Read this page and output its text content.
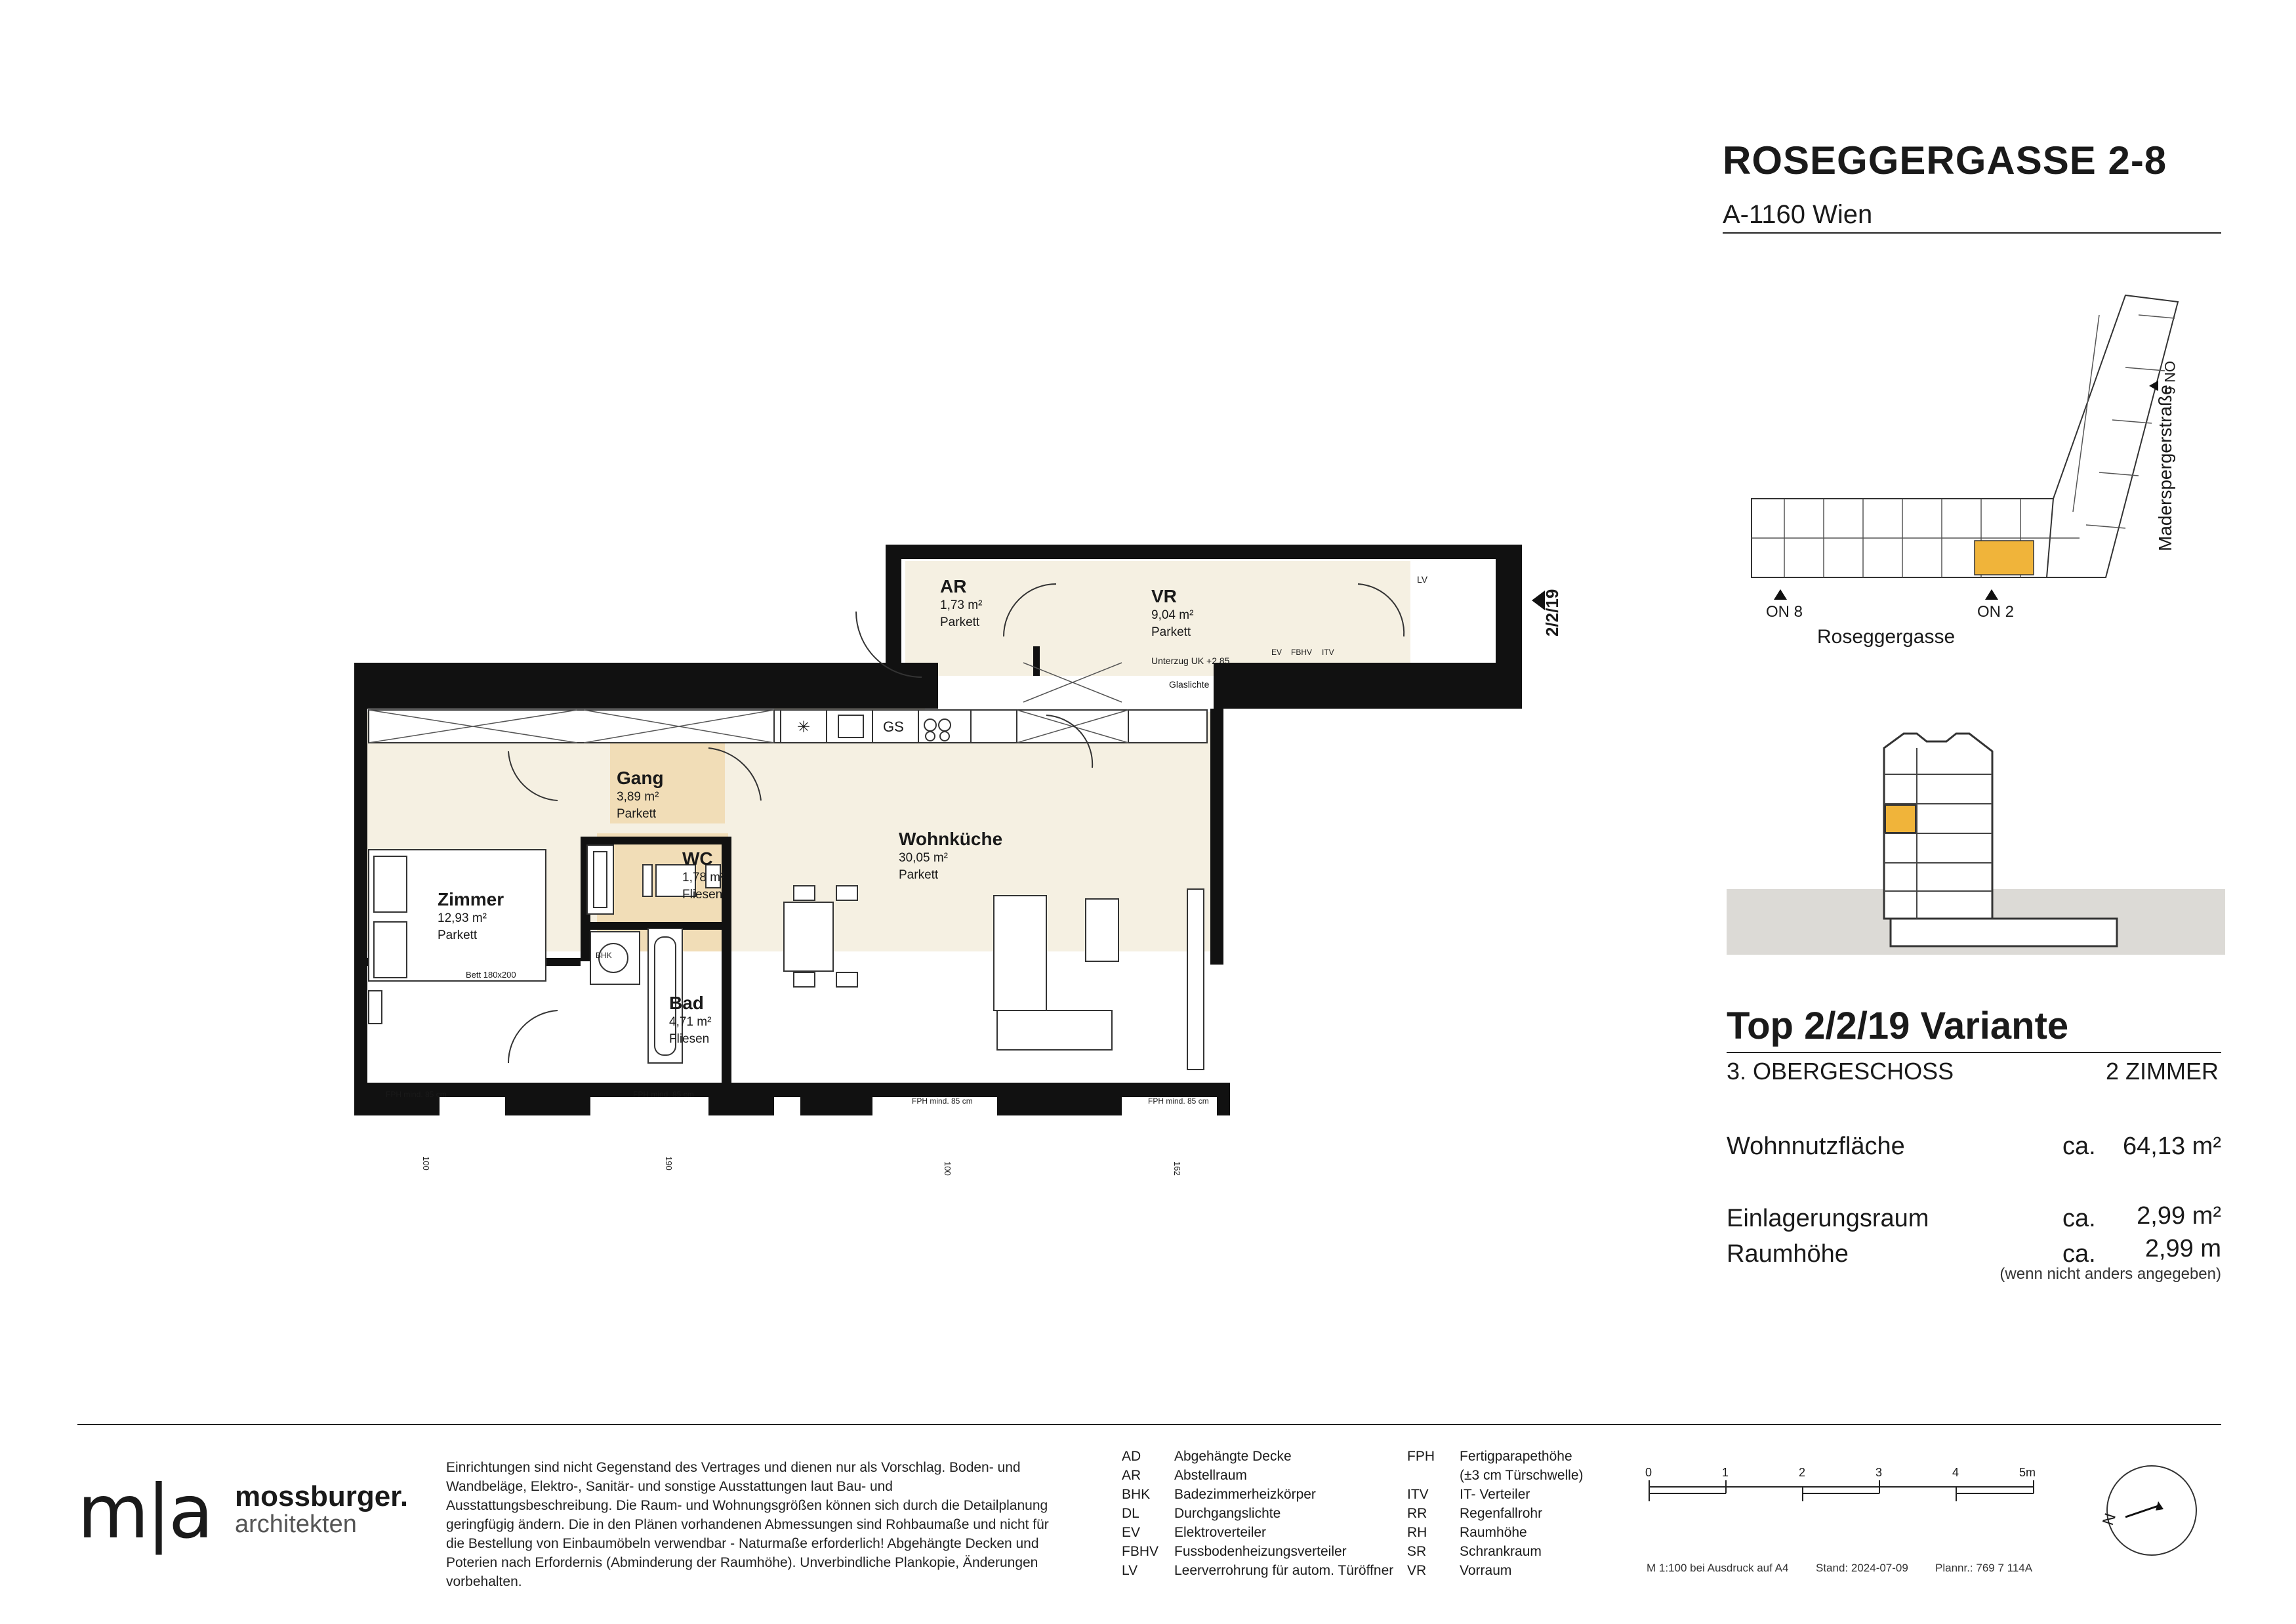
ROSEGGERGASSE 2-8
A-1160 Wien
ON 8	ON 2
ON 6
Roseggergasse
Maderspergerstraße
Top 2/2/19 Variante
3. OBERGESCHOSS	2 ZIMMER
Wohnnutzfläche	ca.	64,13 m²
Einlagerungsraum	ca.	2,99 m²
Raumhöhe	ca.	2,99 m
(wenn nicht anders angegeben)
GS
✳
Bett 180x200
AR
1,73 m²
Parkett
VR
9,04 m²
Parkett
Gang
3,89 m²
Parkett
WC
1,78 m²
Fliesen
Wohnküche
30,05 m²
Parkett
Zimmer
12,93 m²
Parkett
Bad
4,71 m²
Fliesen
LV
EV FBHV ITV
Unterzug UK +2,85
Glaslichte
BHK
FPH mind. 85 cm	FPH mind. 85 cm
FPH mind. 85 cm	FPH mind. 85 cm
100	190	100	162
2/2/19
m|a mossburger.
architekten
Einrichtungen sind nicht Gegenstand des Vertrages und dienen nur als Vorschlag. Boden- und Wandbeläge, Elektro-, Sanitär- und sonstige Ausstattungen laut Bau- und Ausstattungsbeschreibung. Die Raum- und Wohnungsgrößen können sich durch die Detailplanung geringfügig ändern. Die in den Plänen vorhandenen Abmessungen sind Rohbaumaße und nicht für die Bestellung von Einbaumöbeln verwendbar - Naturmaße erforderlich! Abgehängte Decken und Poterien nach Erfordernis (Abminderung der Raumhöhe). Unverbindliche Plankopie, Änderungen vorbehalten.
AD	Abgehängte Decke
AR	Abstellraum
BHK	Badezimmerheizkörper
DL	Durchgangslichte
EV	Elektroverteiler
FBHV	Fussbodenheizungsverteiler
LV	Leerverrohrung für autom. Türöffner
FPH	Fertigparapethöhe
(±3 cm Türschwelle)
ITV	IT- Verteiler
RR	Regenfallrohr
RH	Raumhöhe
SR	Schrankraum
VR	Vorraum
0	1	2	3	4	5m
M 1:100 bei Ausdruck auf A4 Stand: 2024-07-09 Plannr.: 769 7 114A
N
